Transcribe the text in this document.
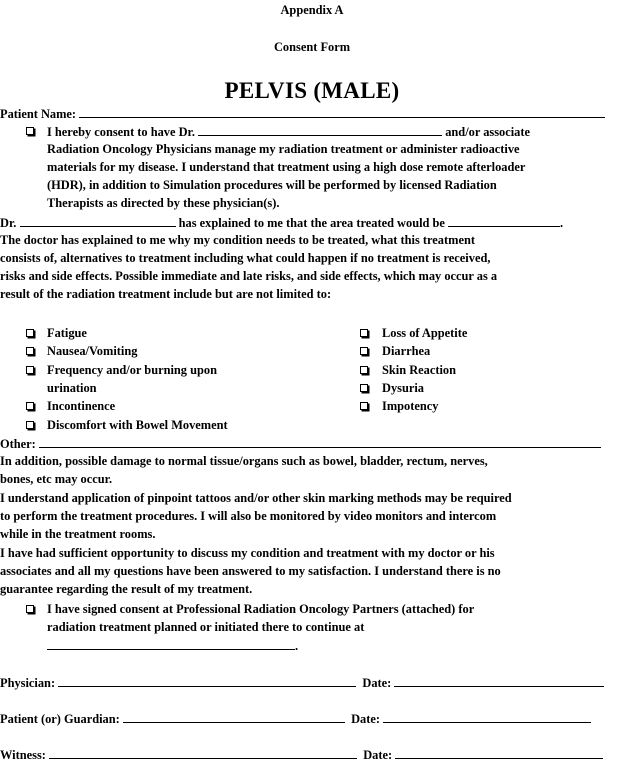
Appendix A
Consent Form
PELVIS (MALE)
Patient Name:
I hereby consent to have Dr.	and/or associate
Radiation Oncology Physicians manage my radiation treatment or administer radioactive
materials for my disease. I understand that treatment using a high dose remote afterloader
(HDR), in addition to Simulation procedures will be performed by licensed Radiation
Therapists as directed by these physician(s).
Dr.	has explained to me that the area treated would be	.
The doctor has explained to me why my condition needs to be treated, what this treatment
consists of, alternatives to treatment including what could happen if no treatment is received,
risks and side effects. Possible immediate and late risks, and side effects, which may occur as a
result of the radiation treatment include but are not limited to:
Fatigue
Nausea/Vomiting
Frequency and/or burning upon
urination
Incontinence
Discomfort with Bowel Movement
Loss of Appetite
Diarrhea
Skin Reaction
Dysuria
Impotency
Other:
In addition, possible damage to normal tissue/organs such as bowel, bladder, rectum, nerves,
bones, etc may occur.
I understand application of pinpoint tattoos and/or other skin marking methods may be required
to perform the treatment procedures. I will also be monitored by video monitors and intercom
while in the treatment rooms.
I have had sufficient opportunity to discuss my condition and treatment with my doctor or his
associates and all my questions have been answered to my satisfaction. I understand there is no
guarantee regarding the result of my treatment.
I have signed consent at Professional Radiation Oncology Partners (attached) for
radiation treatment planned or initiated there to continue at
.
Physician:	Date:
Patient (or) Guardian:	Date:
Witness:	Date:
